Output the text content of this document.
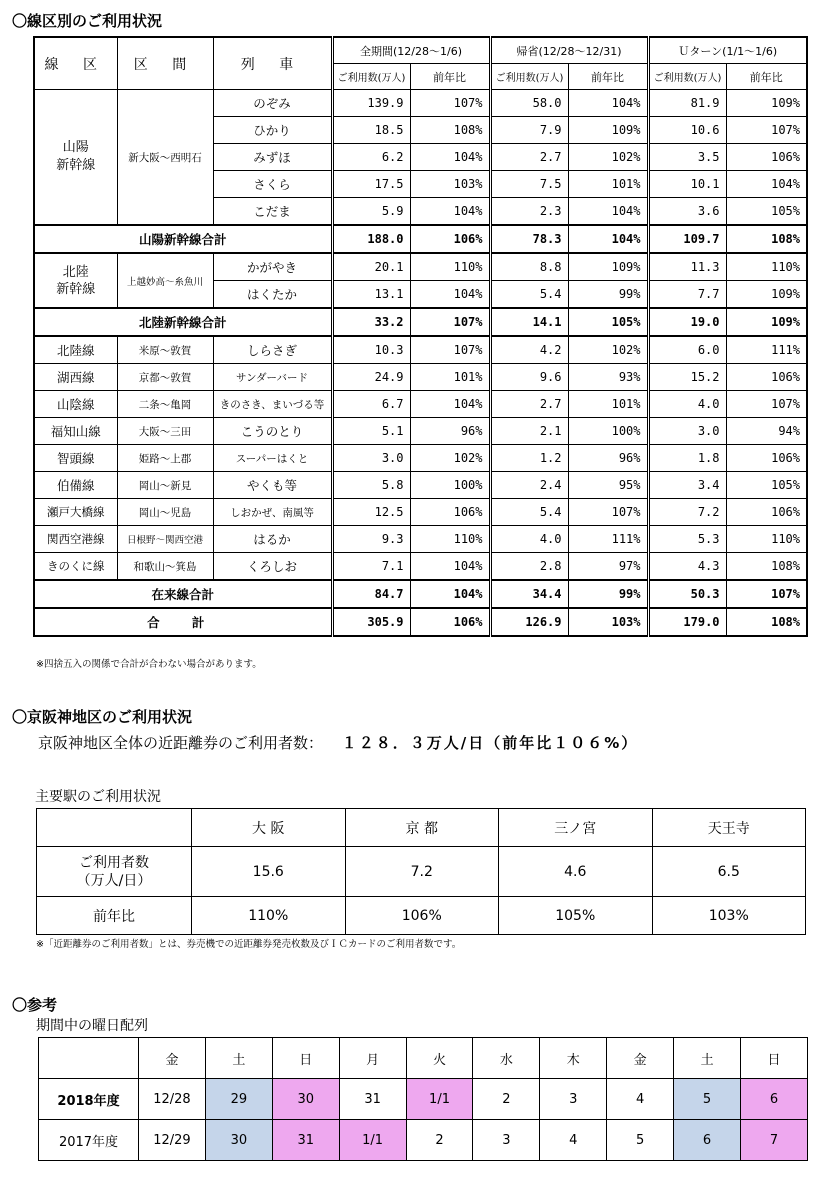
〇線区別のご利用状況
線 区	区 間	列 車	全期間(12/28～1/6)		帰省(12/28～12/31)		Ｕターン(1/1～1/6)	
			ご利用数(万人)	前年比	ご利用数(万人)	前年比	ご利用数(万人)	前年比
山陽
新幹線	新大阪～西明石	のぞみ	139.9	107%	58.0	104%	81.9	109%
		ひかり	18.5	108%	7.9	109%	10.6	107%
		みずほ	6.2	104%	2.7	102%	3.5	106%
		さくら	17.5	103%	7.5	101%	10.1	104%
		こだま	5.9	104%	2.3	104%	3.6	105%
山陽新幹線合計			188.0	106%	78.3	104%	109.7	108%
北陸
新幹線	上越妙高～糸魚川	かがやき	20.1	110%	8.8	109%	11.3	110%
		はくたか	13.1	104%	5.4	99%	7.7	109%
北陸新幹線合計			33.2	107%	14.1	105%	19.0	109%
北陸線	米原～敦賀	しらさぎ	10.3	107%	4.2	102%	6.0	111%
湖西線	京都～敦賀	サンダーバード	24.9	101%	9.6	93%	15.2	106%
山陰線	二条～亀岡	きのさき、まいづる等	6.7	104%	2.7	101%	4.0	107%
福知山線	大阪～三田	こうのとり	5.1	96%	2.1	100%	3.0	94%
智頭線	姫路～上郡	スーパーはくと	3.0	102%	1.2	96%	1.8	106%
伯備線	岡山～新見	やくも等	5.8	100%	2.4	95%	3.4	105%
瀬戸大橋線	岡山～児島	しおかぜ、南風等	12.5	106%	5.4	107%	7.2	106%
関西空港線	日根野～関西空港	はるか	9.3	110%	4.0	111%	5.3	110%
きのくに線	和歌山～箕島	くろしお	7.1	104%	2.8	97%	4.3	108%
在来線合計			84.7	104%	34.4	99%	50.3	107%
合 計			305.9	106%	126.9	103%	179.0	108%
※四捨五入の関係で合計が合わない場合があります。
〇京阪神地区のご利用状況
京阪神地区全体の近距離券のご利用者数： １２８．３万人/日（前年比１０６%）
主要駅のご利用状況
	大 阪	京 都	三ノ宮	天王寺
ご利用者数
（万人/日）	15.6	7.2	4.6	6.5
前年比	110%	106%	105%	103%
※「近距離券のご利用者数」とは、券売機での近距離券発売枚数及びＩＣカードのご利用者数です。
〇参考
期間中の曜日配列
	金	土	日	月	火	水	木	金	土	日
2018年度	12/28	29	30	31	1/1	2	3	4	5	6
2017年度	12/29	30	31	1/1	2	3	4	5	6	7
